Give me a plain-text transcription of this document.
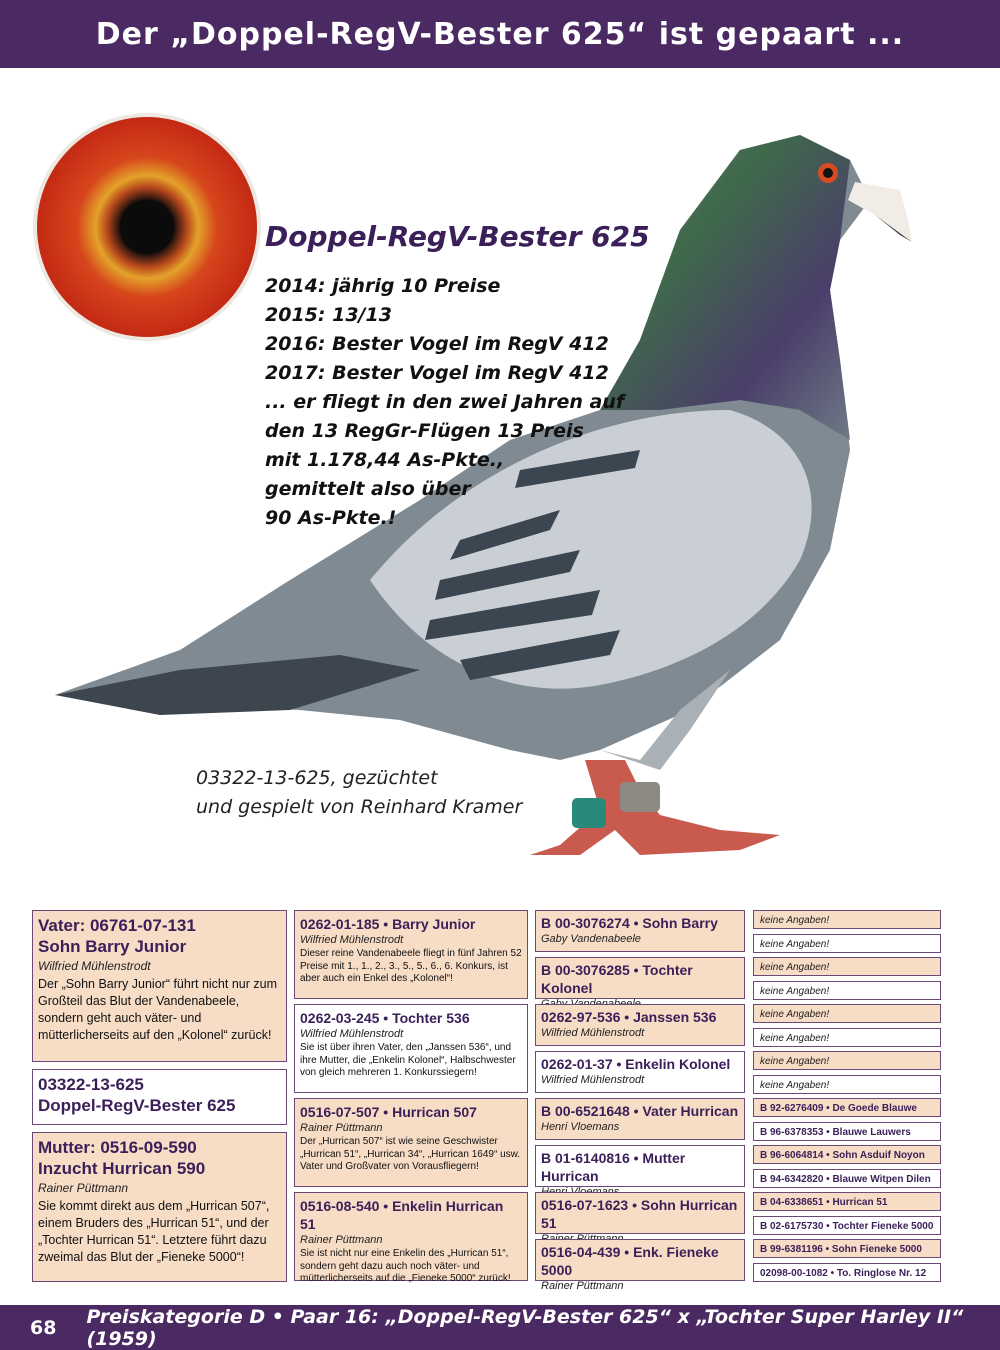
Der „Doppel-RegV-Bester 625“ ist gepaart ...
Doppel-RegV-Bester 625
2014: jährig 10 Preise
2015: 13/13
2016: Bester Vogel im RegV 412
2017: Bester Vogel im RegV 412
... er fliegt in den zwei Jahren auf
den 13 RegGr-Flügen 13 Preis
mit 1.178,44 As-Pkte.,
gemittelt also über
90 As-Pkte.!
03322-13-625, gezüchtet
und gespielt von Reinhard Kramer
Vater: 06761-07-131
Sohn Barry Junior
Wilfried Mühlenstrodt
Der „Sohn Barry Junior“ führt nicht nur zum Großteil das Blut der Vandenabeele, sondern geht auch väter- und mütterlicherseits auf den „Kolonel“ zurück!
03322-13-625
Doppel-RegV-Bester 625
Mutter: 0516-09-590
Inzucht Hurrican 590
Rainer Püttmann
Sie kommt direkt aus dem „Hurrican 507“, einem Bruders des „Hurrican 51“, und der „Tochter Hurrican 51“. Letztere führt dazu zweimal das Blut der „Fieneke 5000“!
0262-01-185 • Barry Junior
Wilfried Mühlenstrodt
Dieser reine Vandenabeele fliegt in fünf Jahren 52 Preise mit 1., 1., 2., 3., 5., 5., 6., 6. Konkurs, ist aber auch ein Enkel des „Kolonel“!
0262-03-245 • Tochter 536
Wilfried Mühlenstrodt
Sie ist über ihren Vater, den „Janssen 536“, und ihre Mutter, die „Enkelin Kolonel“, Halbschwester von gleich mehreren 1. Konkurssiegern!
0516-07-507 • Hurrican 507
Rainer Püttmann
Der „Hurrican 507“ ist wie seine Geschwister „Hurrican 51“, „Hurrican 34“, „Hurrican 1649“ usw. Vater und Großvater von Vorausfliegern!
0516-08-540 • Enkelin Hurrican 51
Rainer Püttmann
Sie ist nicht nur eine Enkelin des „Hurrican 51“, sondern geht dazu auch noch väter- und mütterlicherseits auf die „Fieneke 5000“ zurück!
B 00-3076274 • Sohn Barry
Gaby Vandenabeele
B 00-3076285 • Tochter Kolonel
0262-97-536 • Janssen 536
Wilfried Mühlenstrodt
0262-01-37 • Enkelin Kolonel
Wilfried Mühlenstrodt
B 00-6521648 • Vater Hurrican
Henri Vloemans
B 01-6140816 • Mutter Hurrican
0516-07-1623 • Sohn Hurrican 51
0516-04-439 • Enk. Fieneke 5000
Rainer Püttmann
keine Angaben!
keine Angaben!
keine Angaben!
keine Angaben!
keine Angaben!
keine Angaben!
keine Angaben!
keine Angaben!
B 92-6276409 • De Goede Blauwe
B 96-6378353 • Blauwe Lauwers
B 96-6064814 • Sohn Asduif Noyon
B 94-6342820 • Blauwe Witpen Dilen
B 04-6338651 • Hurrican 51
B 02-6175730 • Tochter Fieneke 5000
B 99-6381196 • Sohn Fieneke 5000
02098-00-1082 • To. Ringlose Nr. 12
68 Preiskategorie D • Paar 16: „Doppel-RegV-Bester 625“ x „Tochter Super Harley II“ (1959)
